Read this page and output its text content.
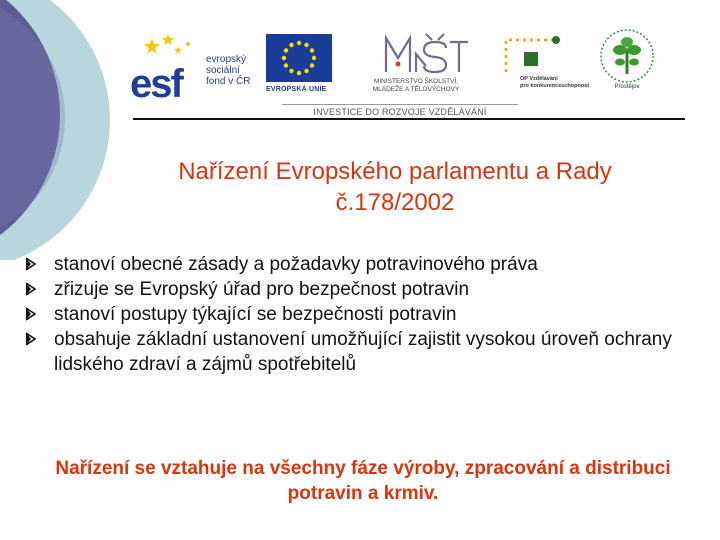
esf
evropský
sociální
fond v ČR
EVROPSKÁ UNIE
MINISTERSTVO ŠKOLSTVÍ,
MLÁDEŽE A TĚLOVÝCHOVY
OP Vzdělávání
pro konkurenceschopnost	Prostějov
INVESTICE DO ROZVOJE VZDĚLÁVÁNÍ
Nařízení Evropského parlamentu a Rady
č.178/2002
stanoví obecné zásady a požadavky potravinového práva
zřizuje se Evropský úřad pro bezpečnost potravin
stanoví postupy týkající se bezpečnosti potravin
obsahuje základní ustanovení umožňující zajistit vysokou úroveň ochrany lidského zdraví a zájmů spotřebitelů

Nařízení se vztahuje na všechny fáze výroby, zpracování a distribuci potravin a krmiv.
